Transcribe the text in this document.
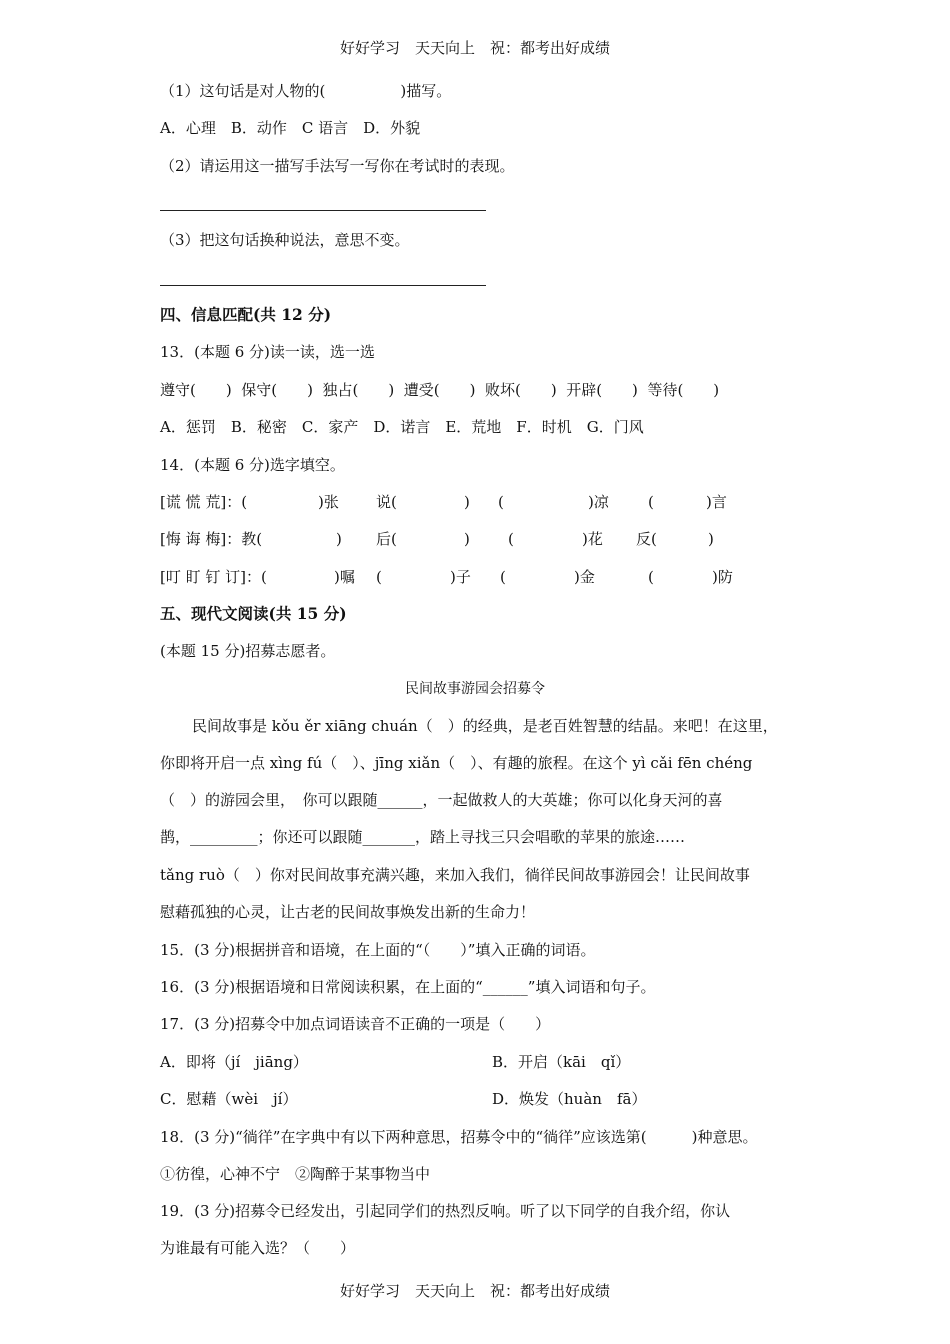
好好学习　天天向上　祝：都考出好成绩
（1）这句话是对人物的(　　　　　)描写。
A．心理　B．动作　C 语言　D．外貌
（2）请运用这一描写手法写一写你在考试时的表现。
（3）把这句话换种说法，意思不变。
四、信息匹配(共 12 分)
13．(本题 6 分)读一读，选一选
遵守(　　)  保守(　　)  独占(　　)  遭受(　　)  败坏(　　)  开辟(　　)  等待(　　)
A．惩罚　B．秘密　C．家产　D．诺言　E．荒地　F．时机　G．门风
14．(本题 6 分)选字填空。
[谎 慌 荒]：(	)张 说(	) (	)凉	(	)言
[悔 诲 梅]：教(	) 后(	)	(	)花 反(	)
[叮 盯 钉 订]：(	)嘱 (	)子 (	)金	(	)防
五、现代文阅读(共 15 分)
(本题 15 分)招募志愿者。
民间故事游园会招募令
民间故事是 kǒu ěr xiāng chuán（　）的经典，是老百姓智慧的结晶。来吧！在这里，
你即将开启一点 xìng fú（　）、jīng xiǎn（　）、有趣的旅程。在这个 yì cǎi fēn chéng
（　）的游园会里，　你可以跟随______，一起做救人的大英雄；你可以化身天河的喜
鹊，_________；你还可以跟随_______，踏上寻找三只会唱歌的苹果的旅途……
tǎng ruò（　）你对民间故事充满兴趣，来加入我们，徜徉民间故事游园会！让民间故事
慰藉孤独的心灵，让古老的民间故事焕发出新的生命力！
15．(3 分)根据拼音和语境，在上面的“（　　）”填入正确的词语。
16．(3 分)根据语境和日常阅读积累，在上面的“______”填入词语和句子。
17．(3 分)招募令中加点词语读音不正确的一项是（　　）
A．即将（jí　jiāng）	B．开启（kāi　qǐ）
C．慰藉（wèi　jí）	D．焕发（huàn　fā）
18．(3 分)“徜徉”在字典中有以下两种意思，招募令中的“徜徉”应该选第(　　　)种意思。
①彷徨，心神不宁　②陶醉于某事物当中
19．(3 分)招募令已经发出，引起同学们的热烈反响。听了以下同学的自我介绍，你认
为谁最有可能入选？（　　）
好好学习　天天向上　祝：都考出好成绩
